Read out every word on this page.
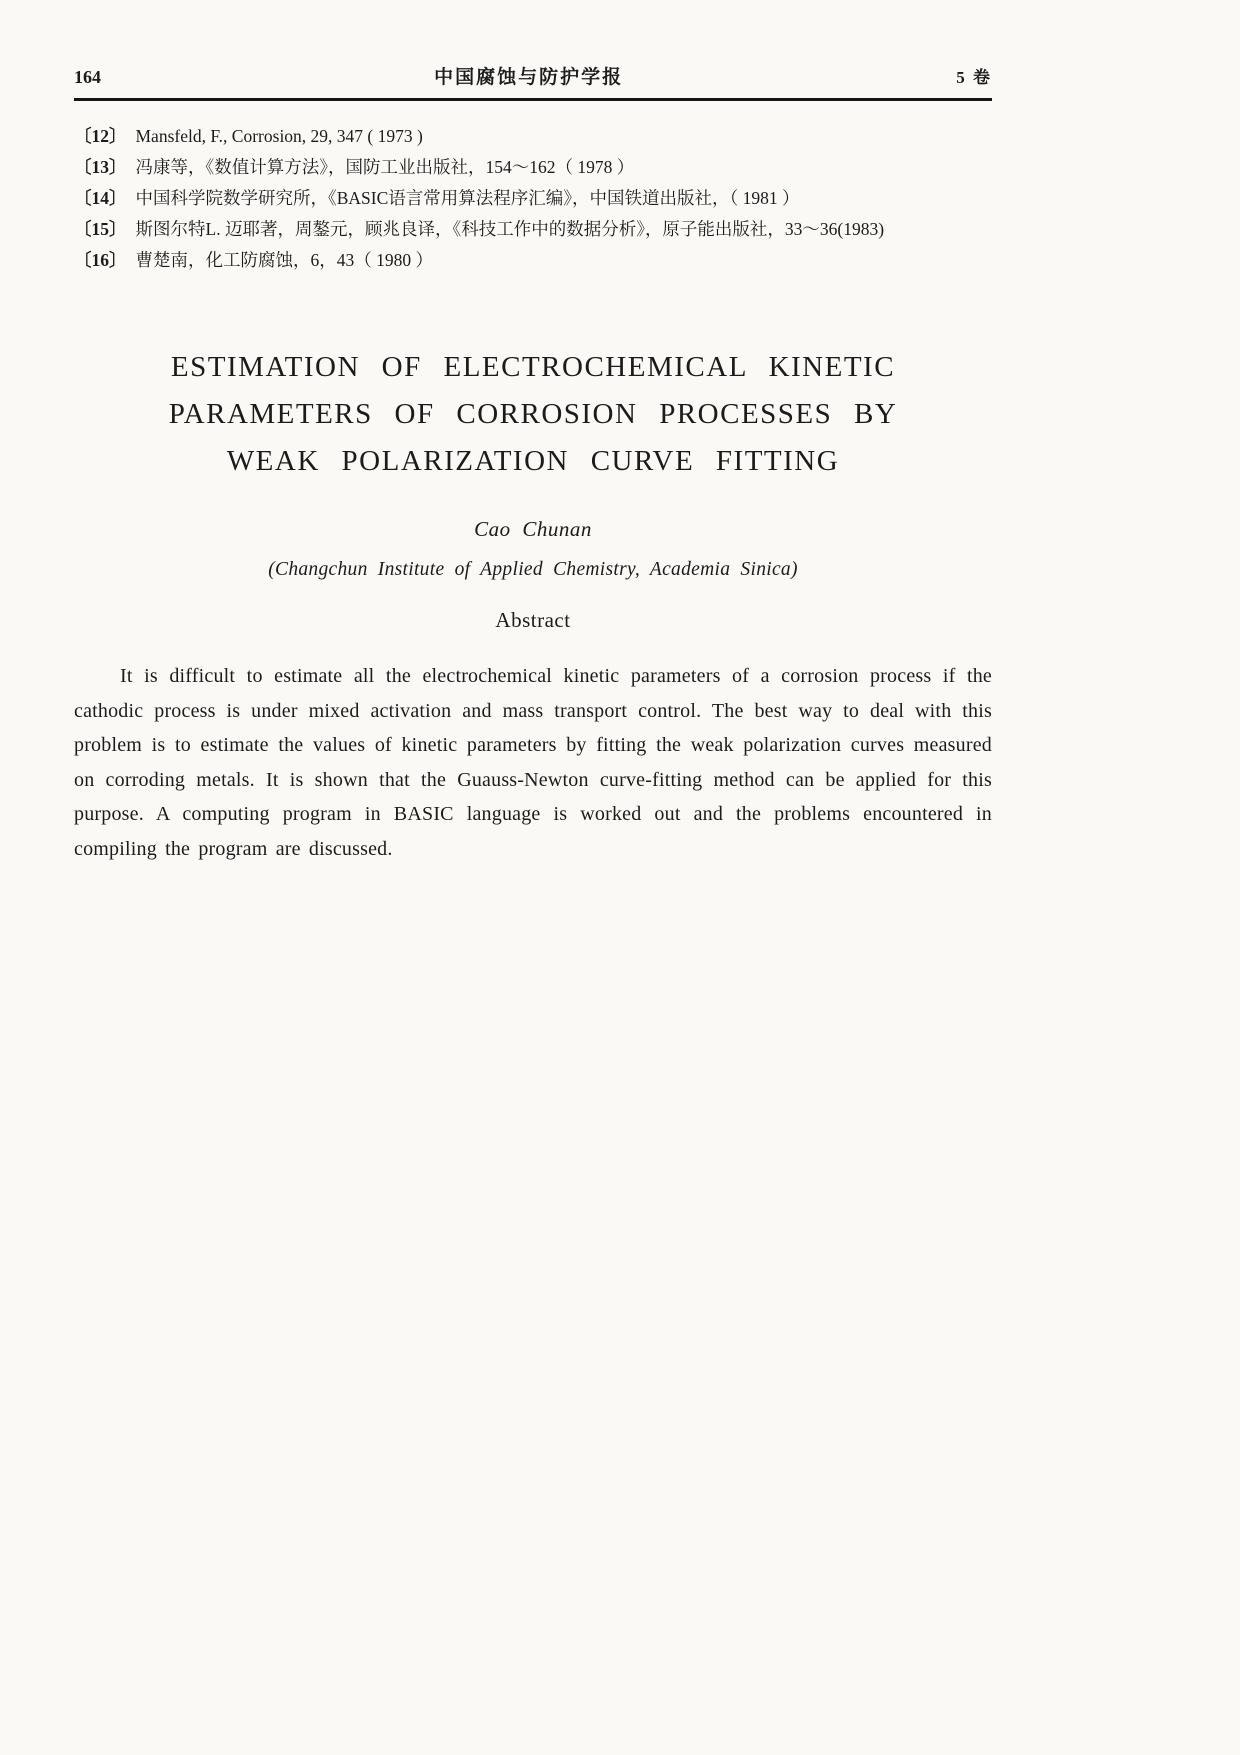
164	中国腐蚀与防护学报	5 卷
〔12〕 Mansfeld, F., Corrosion, 29, 347 ( 1973 )
〔13〕 冯康等，《数值计算方法》，国防工业出版社，154～162（ 1978 ）
〔14〕 中国科学院数学研究所，《BASIC语言常用算法程序汇编》，中国铁道出版社，（ 1981 ）
〔15〕 斯图尔特L. 迈耶著，周鏊元，顾兆良译，《科技工作中的数据分析》，原子能出版社，33～36(1983)
〔16〕 曹楚南，化工防腐蚀，6，43（ 1980 ）
ESTIMATION OF ELECTROCHEMICAL KINETIC
PARAMETERS OF CORROSION PROCESSES BY
WEAK POLARIZATION CURVE FITTING
Cao Chunan
(Changchun Institute of Applied Chemistry, Academia Sinica)
Abstract

It is difficult to estimate all the electrochemical kinetic parameters of a corrosion process if the cathodic process is under mixed activation and mass transport control. The best way to deal with this problem is to estimate the values of kinetic parameters by fitting the weak polarization curves measured on corroding metals. It is shown that the Guauss-Newton curve-fitting method can be applied for this purpose. A computing program in BASIC language is worked out and the problems encountered in compiling the program are discussed.
